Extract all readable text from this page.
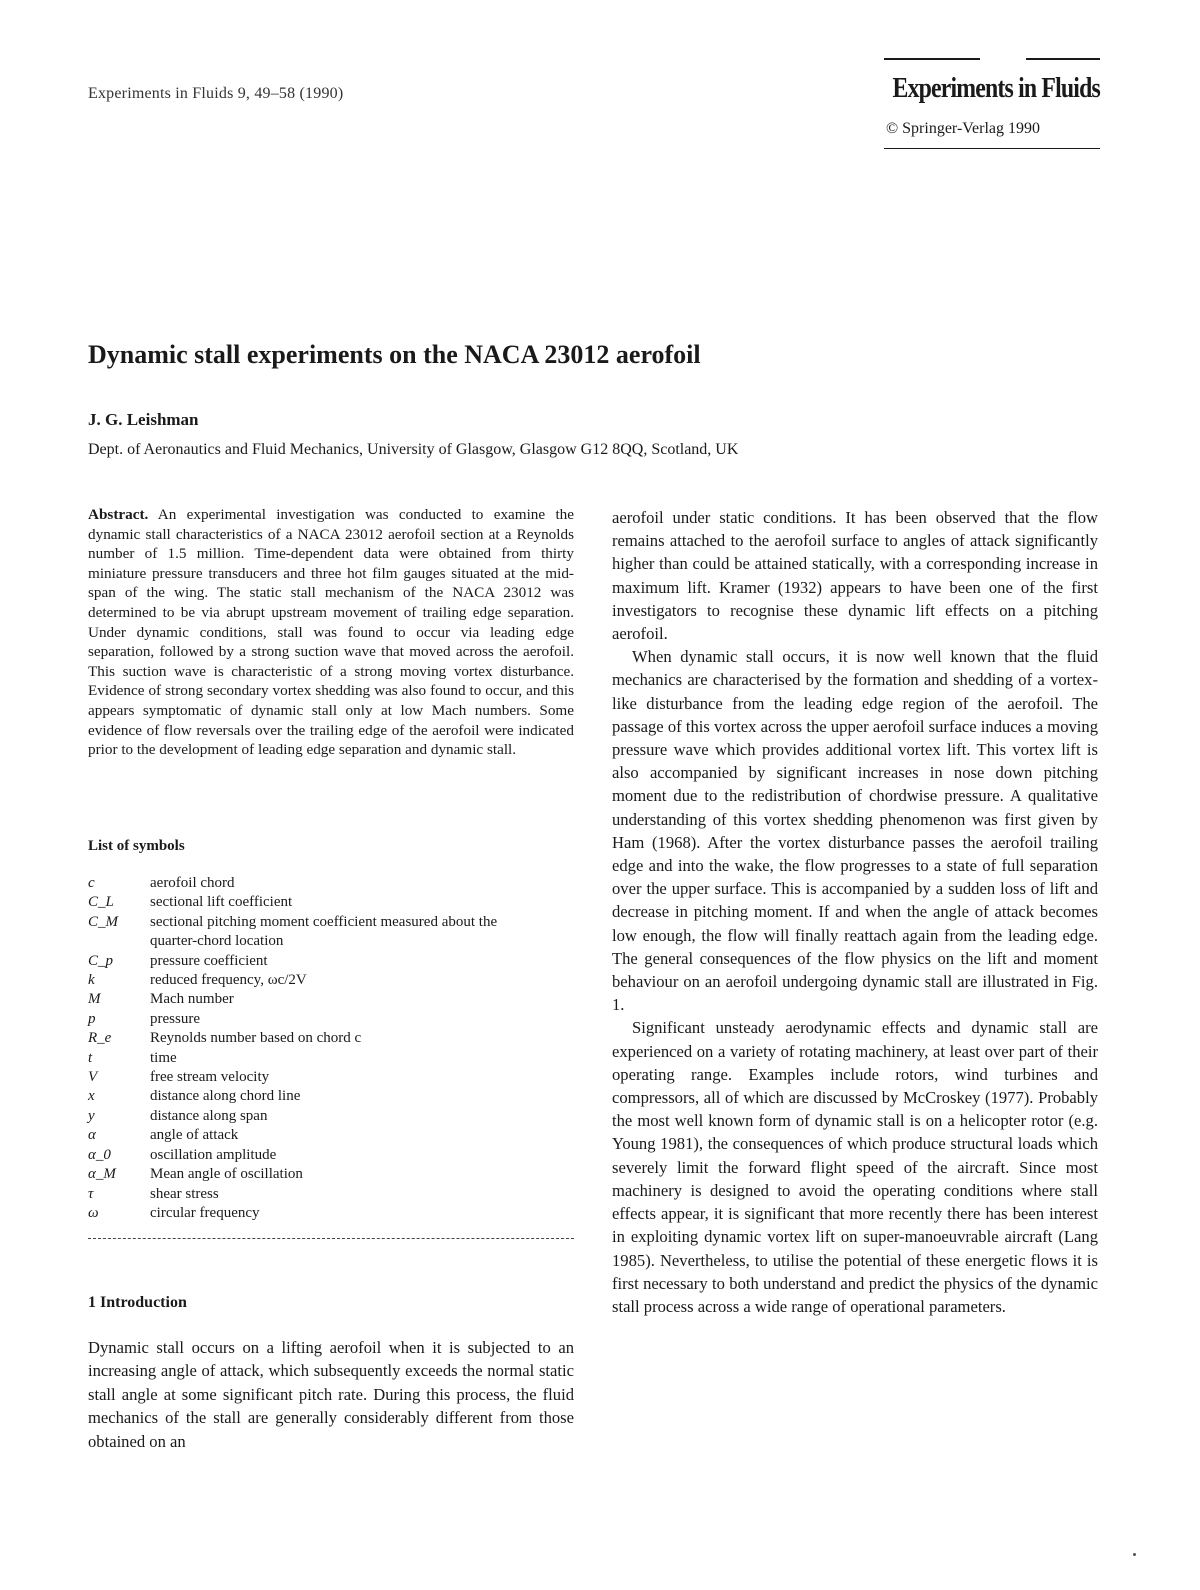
Experiments in Fluids 9, 49–58 (1990)	Experiments in Fluids
© Springer-Verlag 1990
Dynamic stall experiments on the NACA 23012 aerofoil
J. G. Leishman
Dept. of Aeronautics and Fluid Mechanics, University of Glasgow, Glasgow G12 8QQ, Scotland, UK
Abstract. An experimental investigation was conducted to examine the dynamic stall characteristics of a NACA 23012 aerofoil section at a Reynolds number of 1.5 million. Time-dependent data were obtained from thirty miniature pressure transducers and three hot film gauges situated at the mid-span of the wing. The static stall mechanism of the NACA 23012 was determined to be via abrupt upstream movement of trailing edge separation. Under dynamic conditions, stall was found to occur via leading edge separation, followed by a strong suction wave that moved across the aerofoil. This suction wave is characteristic of a strong moving vortex disturbance. Evidence of strong secondary vortex shedding was also found to occur, and this appears symptomatic of dynamic stall only at low Mach numbers. Some evidence of flow reversals over the trailing edge of the aerofoil were indicated prior to the development of leading edge separation and dynamic stall.
List of symbols
c	aerofoil chord
C_L	sectional lift coefficient
C_M	sectional pitching moment coefficient measured about the
quarter-chord location
C_p	pressure coefficient
k	reduced frequency, ωc/2V
M	Mach number
p	pressure
R_e	Reynolds number based on chord c
t	time
V	free stream velocity
x	distance along chord line
y	distance along span
α	angle of attack
α_0	oscillation amplitude
α_M	Mean angle of oscillation
τ	shear stress
ω	circular frequency
1 Introduction
Dynamic stall occurs on a lifting aerofoil when it is subjected to an increasing angle of attack, which subsequently exceeds the normal static stall angle at some significant pitch rate. During this process, the fluid mechanics of the stall are generally considerably different from those obtained on an

aerofoil under static conditions. It has been observed that the flow remains attached to the aerofoil surface to angles of attack significantly higher than could be attained statically, with a corresponding increase in maximum lift. Kramer (1932) appears to have been one of the first investigators to recognise these dynamic lift effects on a pitching aerofoil.

When dynamic stall occurs, it is now well known that the fluid mechanics are characterised by the formation and shedding of a vortex-like disturbance from the leading edge region of the aerofoil. The passage of this vortex across the upper aerofoil surface induces a moving pressure wave which provides additional vortex lift. This vortex lift is also accompanied by significant increases in nose down pitching moment due to the redistribution of chordwise pressure. A qualitative understanding of this vortex shedding phenomenon was first given by Ham (1968). After the vortex disturbance passes the aerofoil trailing edge and into the wake, the flow progresses to a state of full separation over the upper surface. This is accompanied by a sudden loss of lift and decrease in pitching moment. If and when the angle of attack becomes low enough, the flow will finally reattach again from the leading edge. The general consequences of the flow physics on the lift and moment behaviour on an aerofoil undergoing dynamic stall are illustrated in Fig. 1.

Significant unsteady aerodynamic effects and dynamic stall are experienced on a variety of rotating machinery, at least over part of their operating range. Examples include rotors, wind turbines and compressors, all of which are discussed by McCroskey (1977). Probably the most well known form of dynamic stall is on a helicopter rotor (e.g. Young 1981), the consequences of which produce structural loads which severely limit the forward flight speed of the aircraft. Since most machinery is designed to avoid the operating conditions where stall effects appear, it is significant that more recently there has been interest in exploiting dynamic vortex lift on super-manoeuvrable aircraft (Lang 1985). Nevertheless, to utilise the potential of these energetic flows it is first necessary to both understand and predict the physics of the dynamic stall process across a wide range of operational parameters.
